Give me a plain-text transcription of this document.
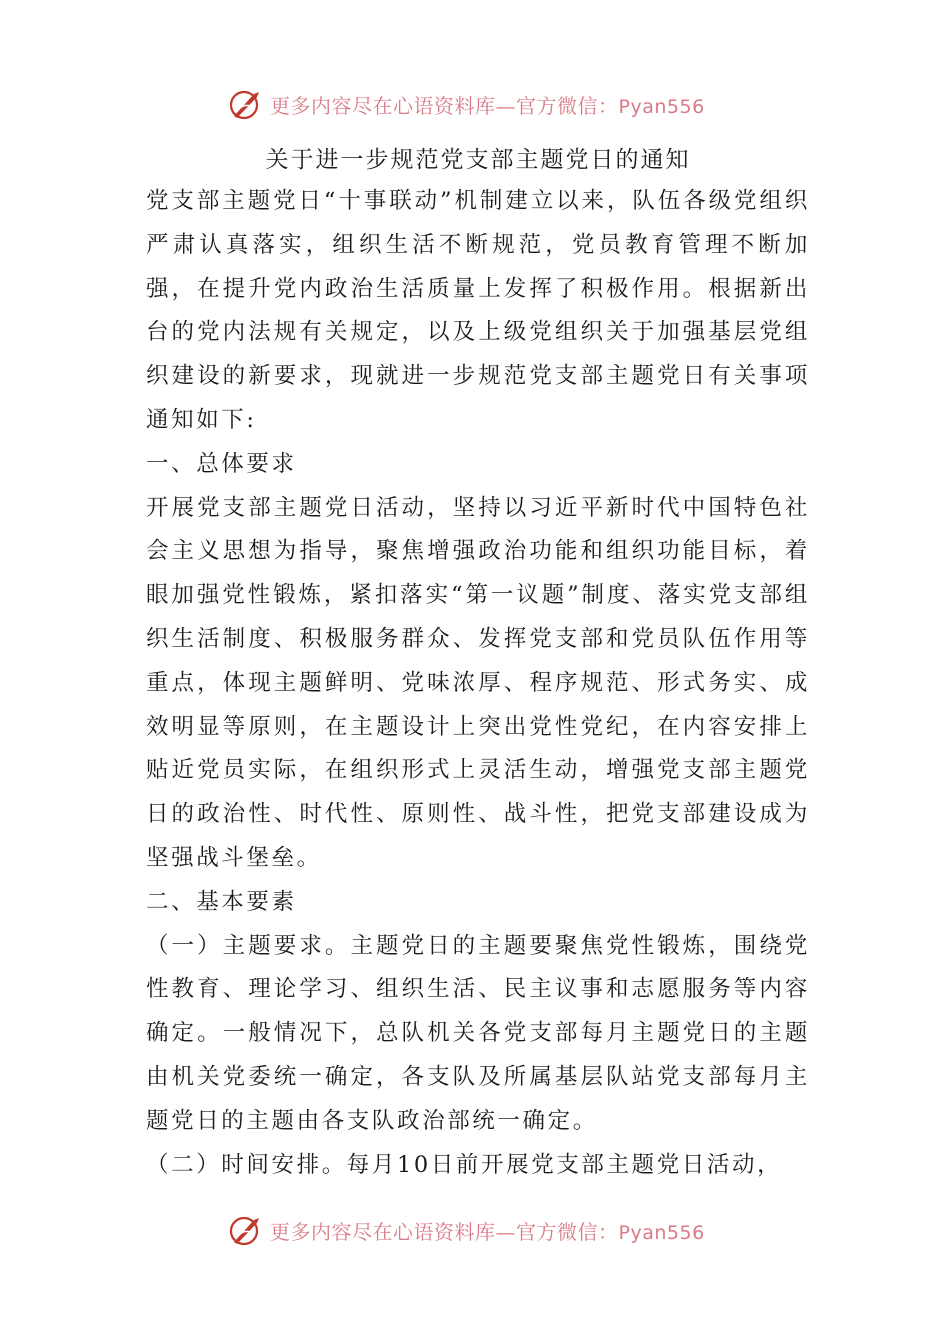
更多内容尽在心语资料库—官方微信：Pyan556
关于进一步规范党支部主题党日的通知

党支部主题党日“十事联动”机制建立以来，队伍各级党组织严肃认真落实，组织生活不断规范，党员教育管理不断加强，在提升党内政治生活质量上发挥了积极作用。根据新出台的党内法规有关规定，以及上级党组织关于加强基层党组织建设的新要求，现就进一步规范党支部主题党日有关事项通知如下:

一、总体要求

开展党支部主题党日活动，坚持以习近平新时代中国特色社会主义思想为指导，聚焦增强政治功能和组织功能目标，着眼加强党性锻炼，紧扣落实“第一议题”制度、落实党支部组织生活制度、积极服务群众、发挥党支部和党员队伍作用等重点，体现主题鲜明、党味浓厚、程序规范、形式务实、成效明显等原则，在主题设计上突出党性党纪，在内容安排上贴近党员实际，在组织形式上灵活生动，增强党支部主题党日的政治性、时代性、原则性、战斗性，把党支部建设成为坚强战斗堡垒。

二、基本要素

（一）主题要求。主题党日的主题要聚焦党性锻炼，围绕党性教育、理论学习、组织生活、民主议事和志愿服务等内容确定。一般情况下，总队机关各党支部每月主题党日的主题由机关党委统一确定，各支队及所属基层队站党支部每月主题党日的主题由各支队政治部统一确定。

（二）时间安排。每月10日前开展党支部主题党日活动，

更多内容尽在心语资料库—官方微信：Pyan556
